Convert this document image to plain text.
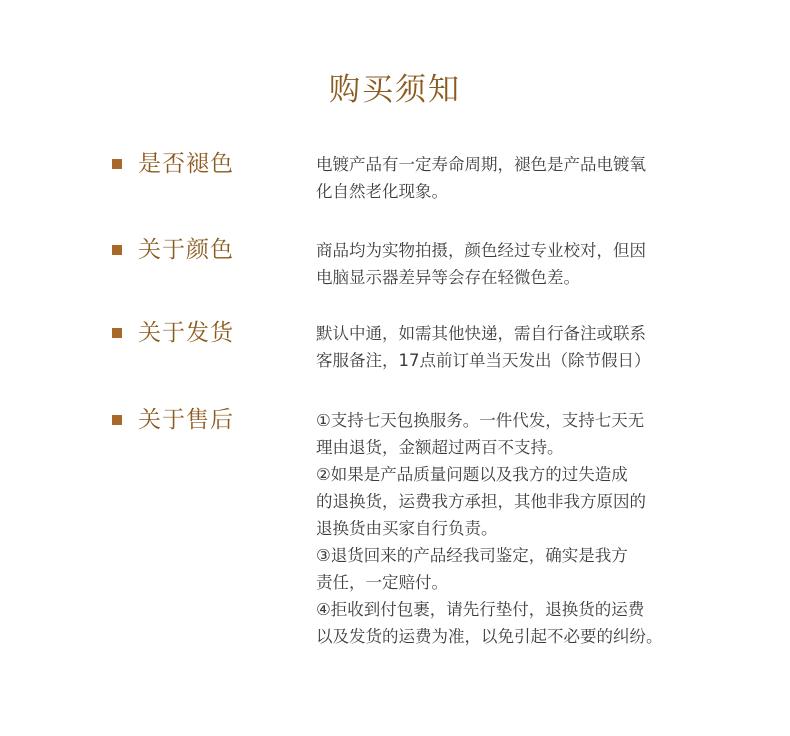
购买须知
是否褪色	电镀产品有一定寿命周期，褪色是产品电镀氧
化自然老化现象。
关于颜色	商品均为实物拍摄，颜色经过专业校对，但因
电脑显示器差异等会存在轻微色差。
关于发货	默认中通，如需其他快递，需自行备注或联系
客服备注，17点前订单当天发出（除节假日）
关于售后	①支持七天包换服务。一件代发，支持七天无
理由退货，金额超过两百不支持。
②如果是产品质量问题以及我方的过失造成
的退换货，运费我方承担，其他非我方原因的
退换货由买家自行负责。
③退货回来的产品经我司鉴定，确实是我方
责任，一定赔付。
④拒收到付包裹，请先行垫付，退换货的运费
以及发货的运费为准，以免引起不必要的纠纷。
